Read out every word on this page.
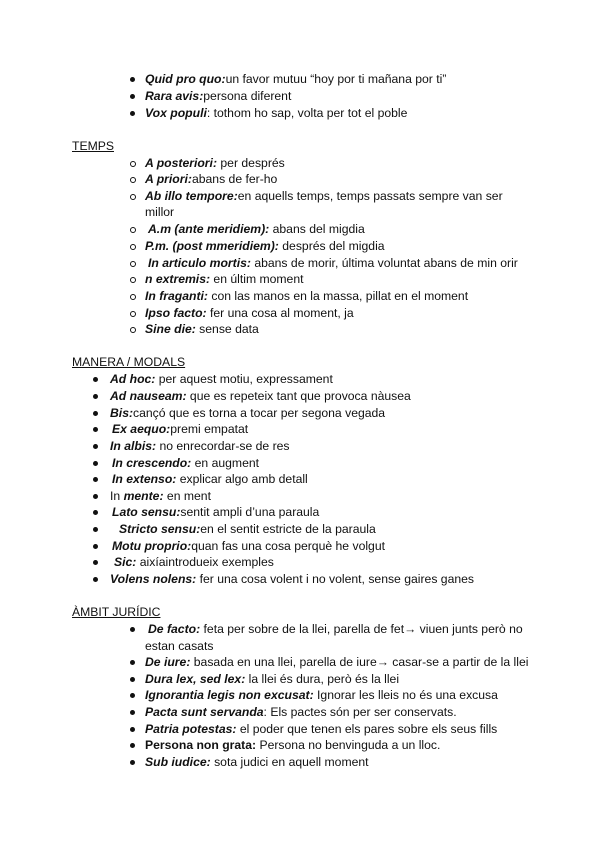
Quid pro quo:un favor mutuu “hoy por ti mañana por ti”
Rara avis:persona diferent
Vox populi: tothom ho sap, volta per tot el poble
TEMPS
A posteriori: per després
A priori:abans de fer-ho
Ab illo tempore:en aquells temps, temps passats sempre van ser
millor
A.m (ante meridiem): abans del migdia
P.m. (post mmeridiem): després del migdia
In articulo mortis: abans de morir, última voluntat abans de min orir
n extremis: en últim moment
In fraganti: con las manos en la massa, pillat en el moment
Ipso facto: fer una cosa al moment, ja
Sine die: sense data
MANERA / MODALS
Ad hoc: per aquest motiu, expressament
Ad nauseam: que es repeteix tant que provoca nàusea
Bis:cançó que es torna a tocar per segona vegada
Ex aequo:premi empatat
In albis: no enrecordar-se de res
In crescendo: en augment
In extenso: explicar algo amb detall
In mente: en ment
Lato sensu:sentit ampli d’una paraula
Stricto sensu:en el sentit estricte de la paraula
Motu proprio:quan fas una cosa perquè he volgut
Sic: aixíaintrodueix exemples
Volens nolens: fer una cosa volent i no volent, sense gaires ganes
ÀMBIT JURÍDIC
De facto: feta per sobre de la llei, parella de fet→ viuen junts però no
estan casats
De iure: basada en una llei, parella de iure→ casar-se a partir de la llei
Dura lex, sed lex: la llei és dura, però és la llei
Ignorantia legis non excusat: Ignorar les lleis no és una excusa
Pacta sunt servanda: Els pactes són per ser conservats.
Patria potestas: el poder que tenen els pares sobre els seus fills
Persona non grata: Persona no benvinguda a un lloc.
Sub iudice: sota judici en aquell moment
